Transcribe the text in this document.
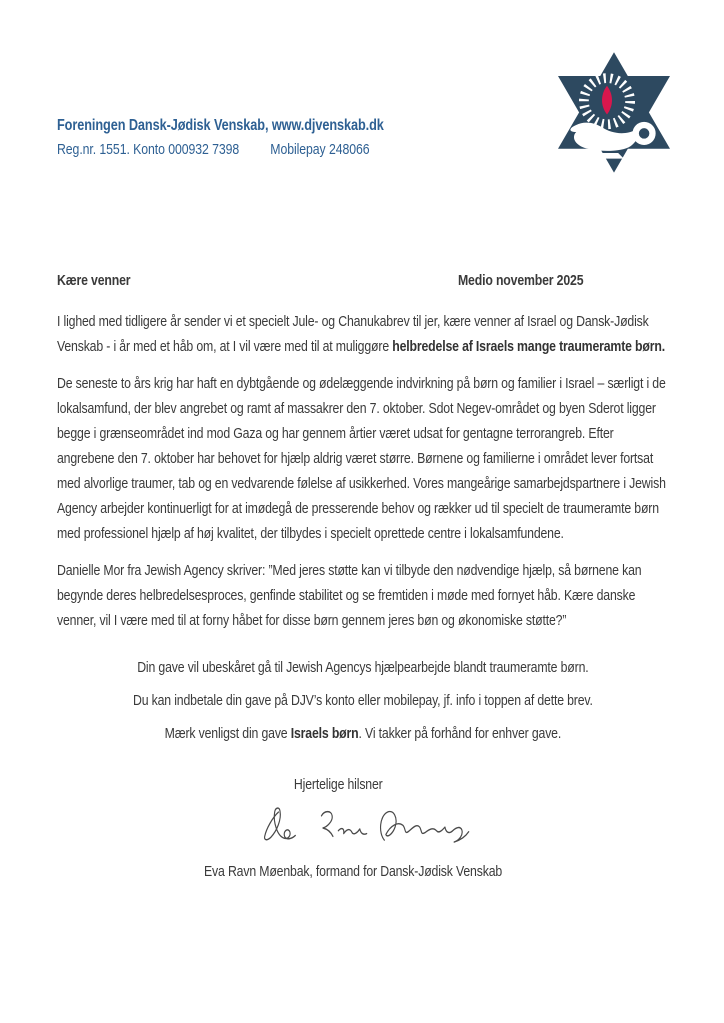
Foreningen Dansk-Jødisk Venskab, www.djvenskab.dk
Reg.nr. 1551. Konto 000932 7398 Mobilepay 248066
Kære venner	Medio november 2025

I lighed med tidligere år sender vi et specielt Jule- og Chanukabrev til jer, kære venner af Israel og Dansk-Jødisk Venskab - i år med et håb om, at I vil være med til at muliggøre helbredelse af Israels mange traumeramte børn.

De seneste to års krig har haft en dybtgående og ødelæggende indvirkning på børn og familier i Israel – særligt i de lokalsamfund, der blev angrebet og ramt af massakrer den 7. oktober. Sdot Negev-området og byen Sderot ligger begge i grænseområdet ind mod Gaza og har gennem årtier været udsat for gentagne terrorangreb. Efter angrebene den 7. oktober har behovet for hjælp aldrig været større. Børnene og familierne i området lever fortsat med alvorlige traumer, tab og en vedvarende følelse af usikkerhed. Vores mangeårige samarbejdspartnere i Jewish Agency arbejder kontinuerligt for at imødegå de presserende behov og rækker ud til specielt de traumeramte børn med professionel hjælp af høj kvalitet, der tilbydes i specielt oprettede centre i lokalsamfundene.

Danielle Mor fra Jewish Agency skriver: ”Med jeres støtte kan vi tilbyde den nødvendige hjælp, så børnene kan begynde deres helbredelsesproces, genfinde stabilitet og se fremtiden i møde med fornyet håb. Kære danske venner, vil I være med til at forny håbet for disse børn gennem jeres bøn og økonomiske støtte?”

Din gave vil ubeskåret gå til Jewish Agencys hjælpearbejde blandt traumeramte børn.
Du kan indbetale din gave på DJV’s konto eller mobilepay, jf. info i toppen af dette brev.
Mærk venligst din gave Israels børn. Vi takker på forhånd for enhver gave.
Hjertelige hilsner
Eva Ravn Møenbak, formand for Dansk-Jødisk Venskab
